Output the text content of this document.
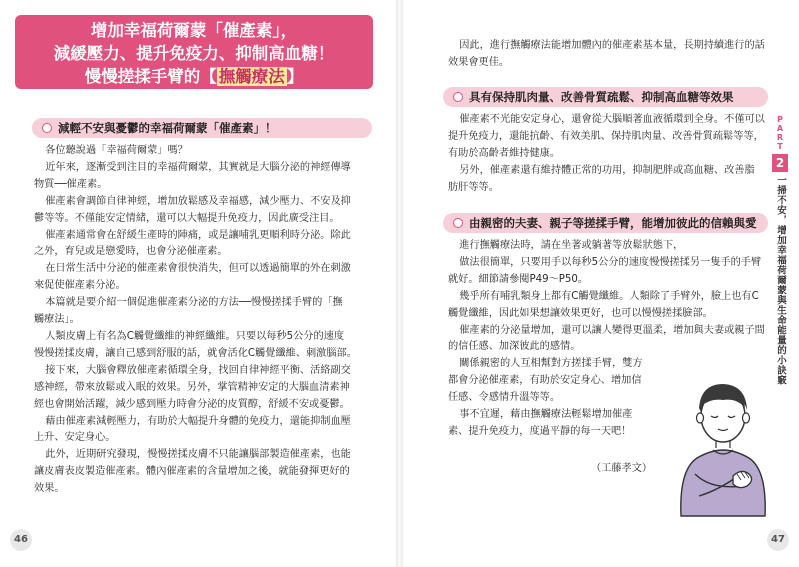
增加幸福荷爾蒙「催產素」，
減緩壓力、提升免疫力、抑制高血糖！
慢慢搓揉手臂的【 撫觸療法 】
減輕不安與憂鬱的幸福荷爾蒙「催產素」！
各位聽說過「幸福荷爾蒙」嗎？
近年來，逐漸受到注目的幸福荷爾蒙，其實就是大腦分泌的神經傳導
物質──催產素。
催產素會調節自律神經，增加放鬆感及幸福感，減少壓力、不安及抑
鬱等等。不僅能安定情緒，還可以大幅提升免疫力，因此廣受注目。
催產素通常會在舒緩生產時的陣痛，或是讓哺乳更順利時分泌。除此
之外，育兒或是戀愛時，也會分泌催產素。
在日常生活中分泌的催產素會很快消失，但可以透過簡單的外在刺激
來促使催產素分泌。
本篇就是要介紹一個促進催產素分泌的方法──慢慢搓揉手臂的「撫
觸療法」。
人類皮膚上有名為C觸覺纖維的神經纖維。只要以每秒5公分的速度
慢慢搓揉皮膚，讓自己感到舒服的話，就會活化C觸覺纖維、刺激腦部。
接下來，大腦會釋放催產素循環全身，找回自律神經平衡、活絡副交
感神經，帶來放鬆或入眠的效果。另外，掌管精神安定的大腦血清素神
經也會開始活躍，減少感到壓力時會分泌的皮質醇，舒緩不安或憂鬱。
藉由催產素減輕壓力，有助於大幅提升身體的免疫力，還能抑制血壓
上升、安定身心。
此外，近期研究發現，慢慢搓揉皮膚不只能讓腦部製造催產素，也能
讓皮膚表皮製造催產素。體內催產素的含量增加之後，就能發揮更好的
效果。
46
因此，進行撫觸療法能增加體內的催產素基本量，長期持續進行的話
效果會更佳。
具有保持肌肉量、改善骨質疏鬆、抑制高血糖等效果
催產素不光能安定身心，還會從大腦順著血液循環到全身。不僅可以
提升免疫力，還能抗齡、有效美肌、保持肌肉量、改善骨質疏鬆等等，
有助於高齡者維持健康。
另外，催產素還有維持體正常的功用，抑制肥胖或高血糖、改善脂
肪肝等等。
由親密的夫妻、親子等搓揉手臂，能增加彼此的信賴與愛
進行撫觸療法時，請在坐著或躺著等放鬆狀態下，
做法很簡單，只要用手以每秒5公分的速度慢慢搓揉另一隻手的手臂
就好。細節請參閱P49～P50。
幾乎所有哺乳類身上都有C觸覺纖維。人類除了手臂外，臉上也有C
觸覺纖維，因此如果想讓效果更好，也可以慢慢搓揉臉部。
催產素的分泌量增加，還可以讓人變得更溫柔，增加與夫妻或親子間
的信任感、加深彼此的感情。
關係親密的人互相幫對方搓揉手臂，雙方
都會分泌催產素，有助於安定身心、增加信
任感、令感情升溫等等。
事不宜遲，藉由撫觸療法輕鬆增加催產
素、提升免疫力，度過平靜的每一天吧！
（工藤孝文）
47
P
A
R
T
2
一掃不安，增加幸福荷爾蒙與生命能量的小訣竅
